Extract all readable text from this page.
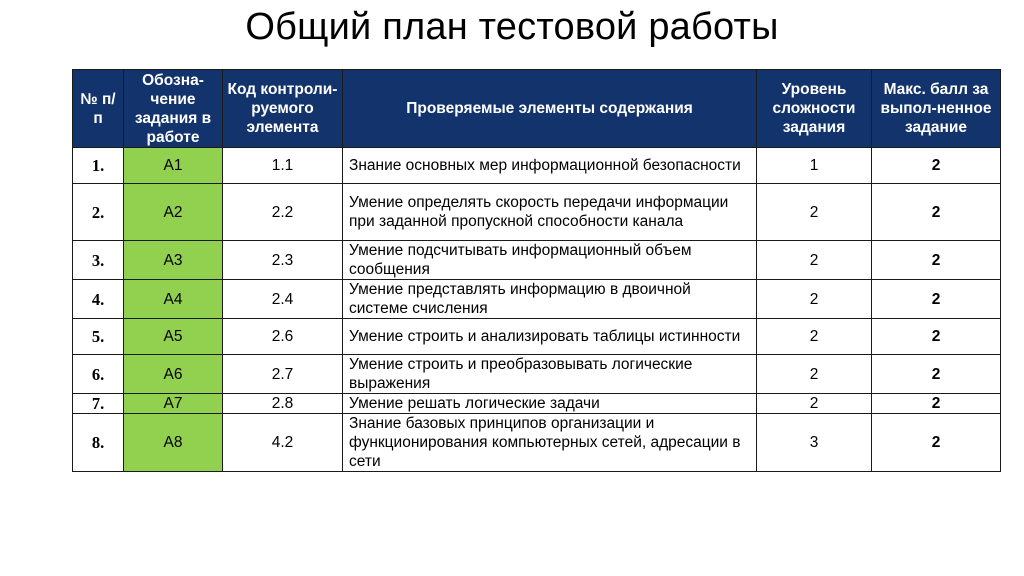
Общий план тестовой работы
№ п/п	Обозна-чение задания в работе	Код контроли-руемого элемента	Проверяемые элементы содержания	Уровень сложности задания	Макс. балл за выпол-ненное задание
1.	А1	1.1	Знание основных мер информационной безопасности	1	2
2.	А2	2.2	Умение определять скорость передачи информации при заданной пропускной способности канала	2	2
3.	А3	2.3	Умение подсчитывать информационный объем сообщения	2	2
4.	А4	2.4	Умение представлять информацию в двоичной системе счисления	2	2
5.	А5	2.6	Умение строить и анализировать таблицы истинности	2	2
6.	А6	2.7	Умение строить и преобразовывать логические выражения	2	2
7.	А7	2.8	Умение решать логические задачи	2	2
8.	А8	4.2	Знание базовых принципов организации и функционирования компьютерных сетей, адресации в сети	3	2
